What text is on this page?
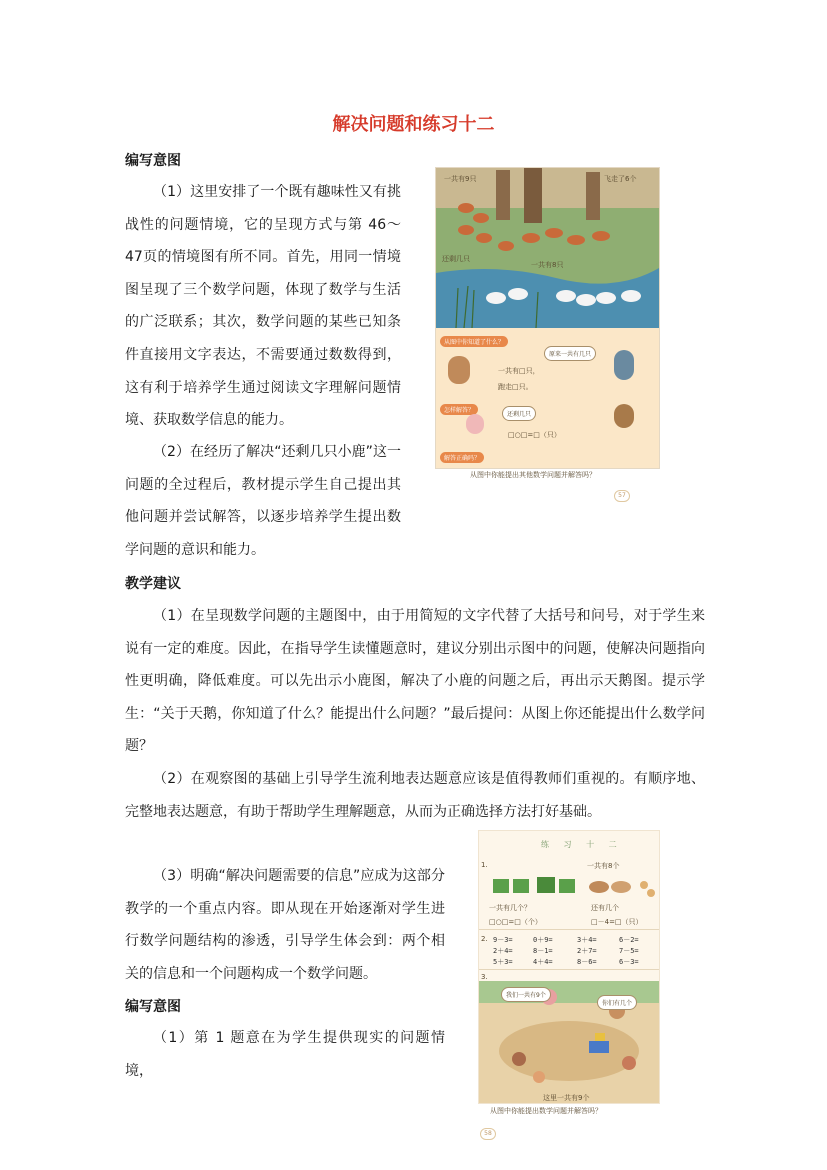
解决问题和练习十二
编写意图

（1）这里安排了一个既有趣味性又有挑战性的问题情境，它的呈现方式与第 46～47页的情境图有所不同。首先，用同一情境图呈现了三个数学问题，体现了数学与生活的广泛联系；其次，数学问题的某些已知条件直接用文字表达，不需要通过数数得到，这有利于培养学生通过阅读文字理解问题情境、获取数学信息的能力。

（2）在经历了解决“还剩几只小鹿”这一问题的全过程后，教材提示学生自己提出其他问题并尝试解答，以逐步培养学生提出数学问题的意识和能力。

一共有9只	飞走了6个
还剩几只
一共有8只
从图中你知道了什么？
原来一共有几只
一共有□只，
跑走□只。
怎样解答？
还剩几只
□○□=□（只）
解答正确吗？
从图中你能提出其他数学问题并解答吗？
57
教学建议

（1）在呈现数学问题的主题图中，由于用简短的文字代替了大括号和问号，对于学生来说有一定的难度。因此，在指导学生读懂题意时，建议分别出示图中的问题，使解决问题指向性更明确，降低难度。可以先出示小鹿图，解决了小鹿的问题之后，再出示天鹅图。提示学生：“关于天鹅，你知道了什么？能提出什么问题？”最后提问：从图上你还能提出什么数学问题？

（2）在观察图的基础上引导学生流利地表达题意应该是值得教师们重视的。有顺序地、完整地表达题意，有助于帮助学生理解题意，从而为正确选择方法打好基础。

（3）明确“解决问题需要的信息”应成为这部分教学的一个重点内容。即从现在开始逐渐对学生进行数学问题结构的渗透，引导学生体会到：两个相关的信息和一个问题构成一个数学问题。

编写意图

（1）第 1 题意在为学生提供现实的问题情境，

练 习 十 二
1.	一共有8个
一共有几个？	还有几个
□○□=□（个）	□－4=□（只）
2. 9－3=	0＋9=	3＋4=	6－2=
2＋4=	8－1=	2＋7=	7－5=
5＋3=	4＋4=	8－6=	6－3=
3.
我们一共有9个
你们有几个
这里一共有9个
从图中你能提出数学问题并解答吗？
58
